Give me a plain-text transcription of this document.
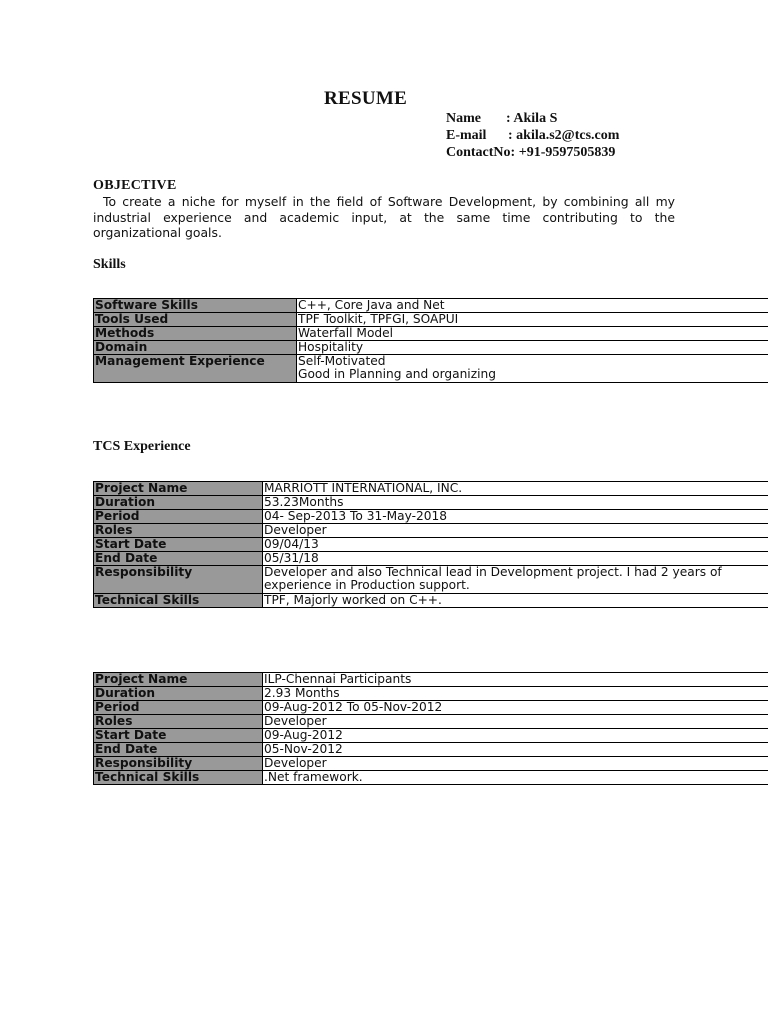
RESUME
Name : Akila S
E-mail : akila.s2@tcs.com
ContactNo: +91-9597505839
OBJECTIVE
To create a niche for myself in the field of Software Development, by combining all my industrial experience and academic input, at the same time contributing to the organizational goals.
Skills
Software Skills	C++, Core Java and Net
Tools Used	TPF Toolkit, TPFGI, SOAPUI
Methods	Waterfall Model
Domain	Hospitality
Management Experience	Self-Motivated
Good in Planning and organizing
TCS Experience
Project Name	MARRIOTT INTERNATIONAL, INC.
Duration	53.23Months
Period	04- Sep-2013 To 31-May-2018
Roles	Developer
Start Date	09/04/13
End Date	05/31/18
Responsibility	Developer and also Technical lead in Development project. I had 2 years of
experience in Production support.

Technical Skills	TPF, Majorly worked on C++.
Project Name	ILP-Chennai Participants
Duration	2.93 Months
Period	09-Aug-2012 To 05-Nov-2012
Roles	Developer
Start Date	09-Aug-2012
End Date	05-Nov-2012
Responsibility	Developer
Technical Skills	.Net framework.
